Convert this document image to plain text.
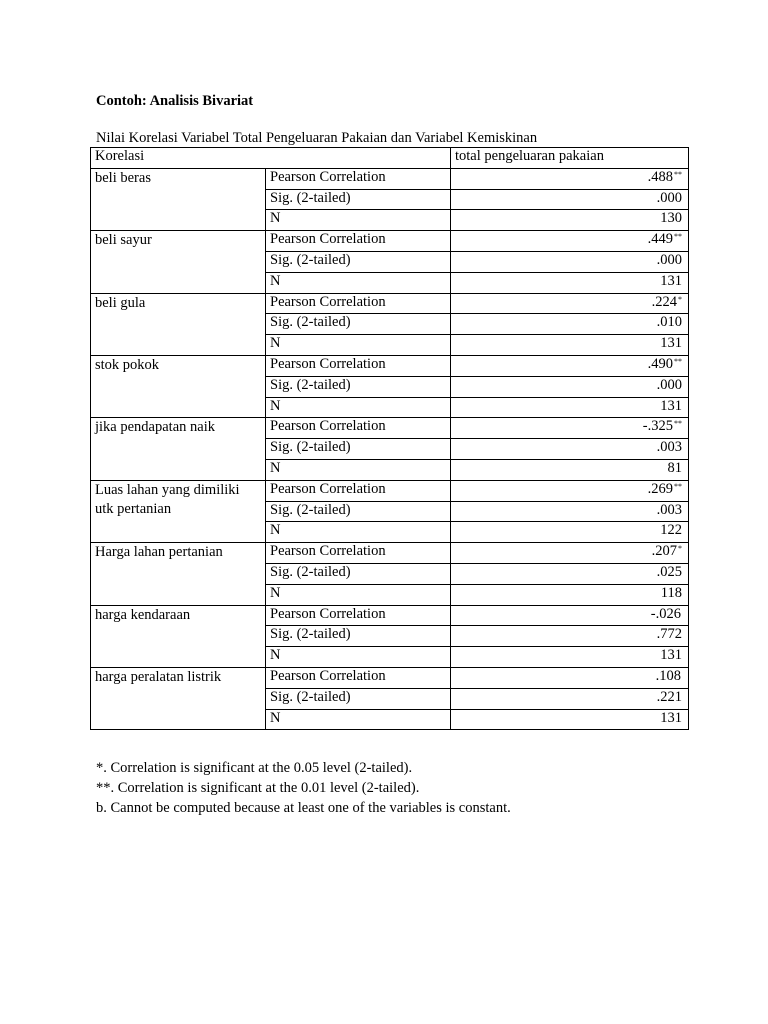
Contoh: Analisis Bivariat
Nilai Korelasi Variabel Total Pengeluaran Pakaian dan Variabel Kemiskinan
Korelasi		total pengeluaran pakaian
beli beras	Pearson Correlation	.488**
	Sig. (2-tailed)	.000
	N	130
beli sayur	Pearson Correlation	.449**
	Sig. (2-tailed)	.000
	N	131
beli gula	Pearson Correlation	.224*
	Sig. (2-tailed)	.010
	N	131
stok pokok	Pearson Correlation	.490**
	Sig. (2-tailed)	.000
	N	131
jika pendapatan naik	Pearson Correlation	-.325**
	Sig. (2-tailed)	.003
	N	81
Luas lahan yang dimiliki utk pertanian	Pearson Correlation	.269**
	Sig. (2-tailed)	.003
	N	122
Harga lahan pertanian	Pearson Correlation	.207*
	Sig. (2-tailed)	.025
	N	118
harga kendaraan	Pearson Correlation	-.026
	Sig. (2-tailed)	.772
	N	131
harga peralatan listrik	Pearson Correlation	.108
	Sig. (2-tailed)	.221
	N	131
*. Correlation is significant at the 0.05 level (2-tailed).
**. Correlation is significant at the 0.01 level (2-tailed).
b. Cannot be computed because at least one of the variables is constant.
